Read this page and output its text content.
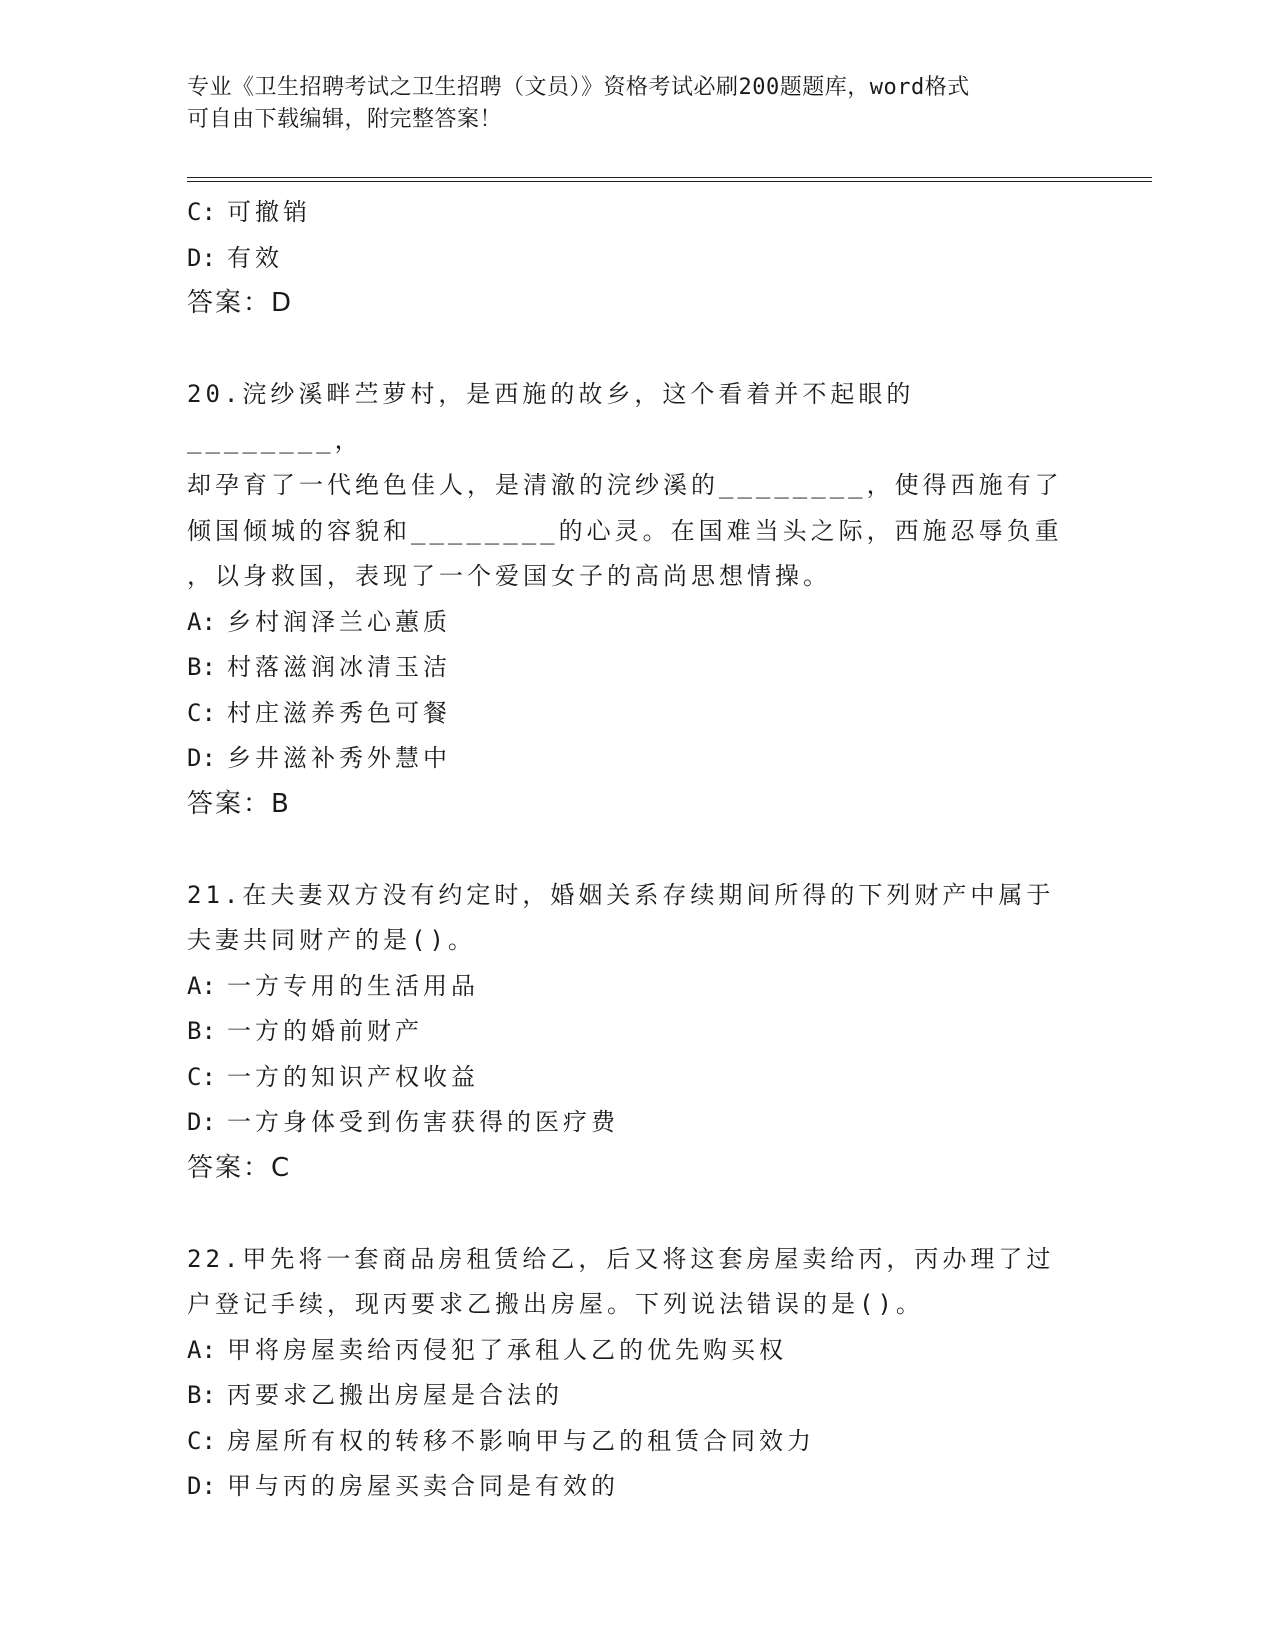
专业《卫生招聘考试之卫生招聘（文员）》资格考试必刷200题题库，word格式
可自由下载编辑，附完整答案！
C: 可撤销
D: 有效
答案：D
20.浣纱溪畔苎萝村，是西施的故乡，这个看着并不起眼的________，
却孕育了一代绝色佳人，是清澈的浣纱溪的________，使得西施有了
倾国倾城的容貌和________的心灵。在国难当头之际，西施忍辱负重
，以身救国，表现了一个爱国女子的高尚思想情操。
A: 乡村润泽兰心蕙质
B: 村落滋润冰清玉洁
C: 村庄滋养秀色可餐
D: 乡井滋补秀外慧中
答案：B
21.在夫妻双方没有约定时，婚姻关系存续期间所得的下列财产中属于
夫妻共同财产的是()。
A: 一方专用的生活用品
B: 一方的婚前财产
C: 一方的知识产权收益
D: 一方身体受到伤害获得的医疗费
答案：C
22.甲先将一套商品房租赁给乙，后又将这套房屋卖给丙，丙办理了过
户登记手续，现丙要求乙搬出房屋。下列说法错误的是()。
A: 甲将房屋卖给丙侵犯了承租人乙的优先购买权
B: 丙要求乙搬出房屋是合法的
C: 房屋所有权的转移不影响甲与乙的租赁合同效力
D: 甲与丙的房屋买卖合同是有效的
